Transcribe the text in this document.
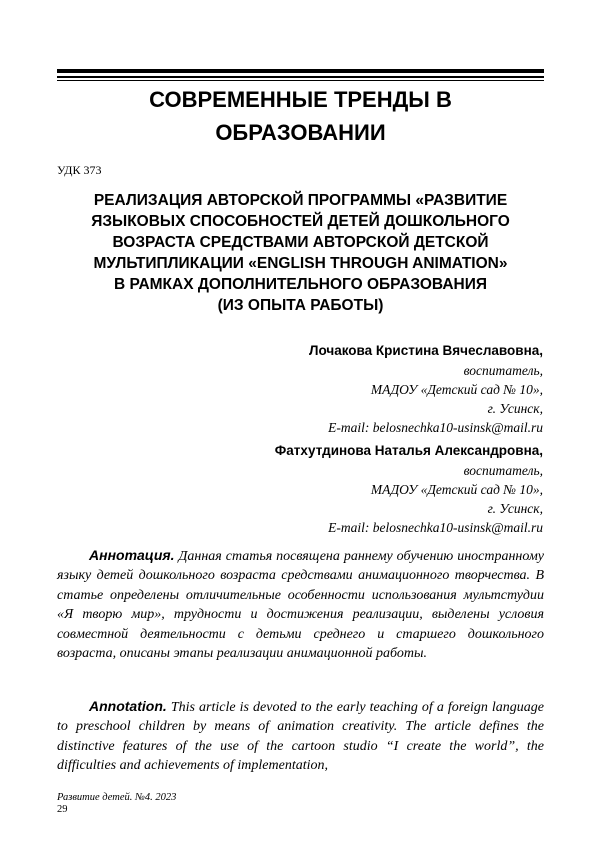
СОВРЕМЕННЫЕ ТРЕНДЫ В
ОБРАЗОВАНИИ
УДК 373
РЕАЛИЗАЦИЯ АВТОРСКОЙ ПРОГРАММЫ «РАЗВИТИЕ
ЯЗЫКОВЫХ СПОСОБНОСТЕЙ ДЕТЕЙ ДОШКОЛЬНОГО
ВОЗРАСТА СРЕДСТВАМИ АВТОРСКОЙ ДЕТСКОЙ
МУЛЬТИПЛИКАЦИИ «ENGLISH THROUGH ANIMATION»
В РАМКАХ ДОПОЛНИТЕЛЬНОГО ОБРАЗОВАНИЯ
(ИЗ ОПЫТА РАБОТЫ)
Лочакова Кристина Вячеславовна,
воспитатель,
МАДОУ «Детский сад № 10»,
г. Усинск,
E-mail: belosnechka10-usinsk@mail.ru
Фатхутдинова Наталья Александровна,
воспитатель,
МАДОУ «Детский сад № 10»,
г. Усинск,
E-mail: belosnechka10-usinsk@mail.ru
Аннотация. Данная статья посвящена раннему обучению иностранному языку детей дошкольного возраста средствами анимационного творчества. В статье определены отличительные особенности использования мультстудии «Я творю мир», трудности и достижения реализации, выделены условия совместной деятельности с детьми среднего и старшего дошкольного возраста, описаны этапы реализации анимационной работы.
Annotation. This article is devoted to the early teaching of a foreign language to preschool children by means of animation creativity. The article defines the distinctive features of the use of the cartoon studio “I create the world”, the difficulties and achievements of implementation,
Развитие детей. №4. 2023
29
